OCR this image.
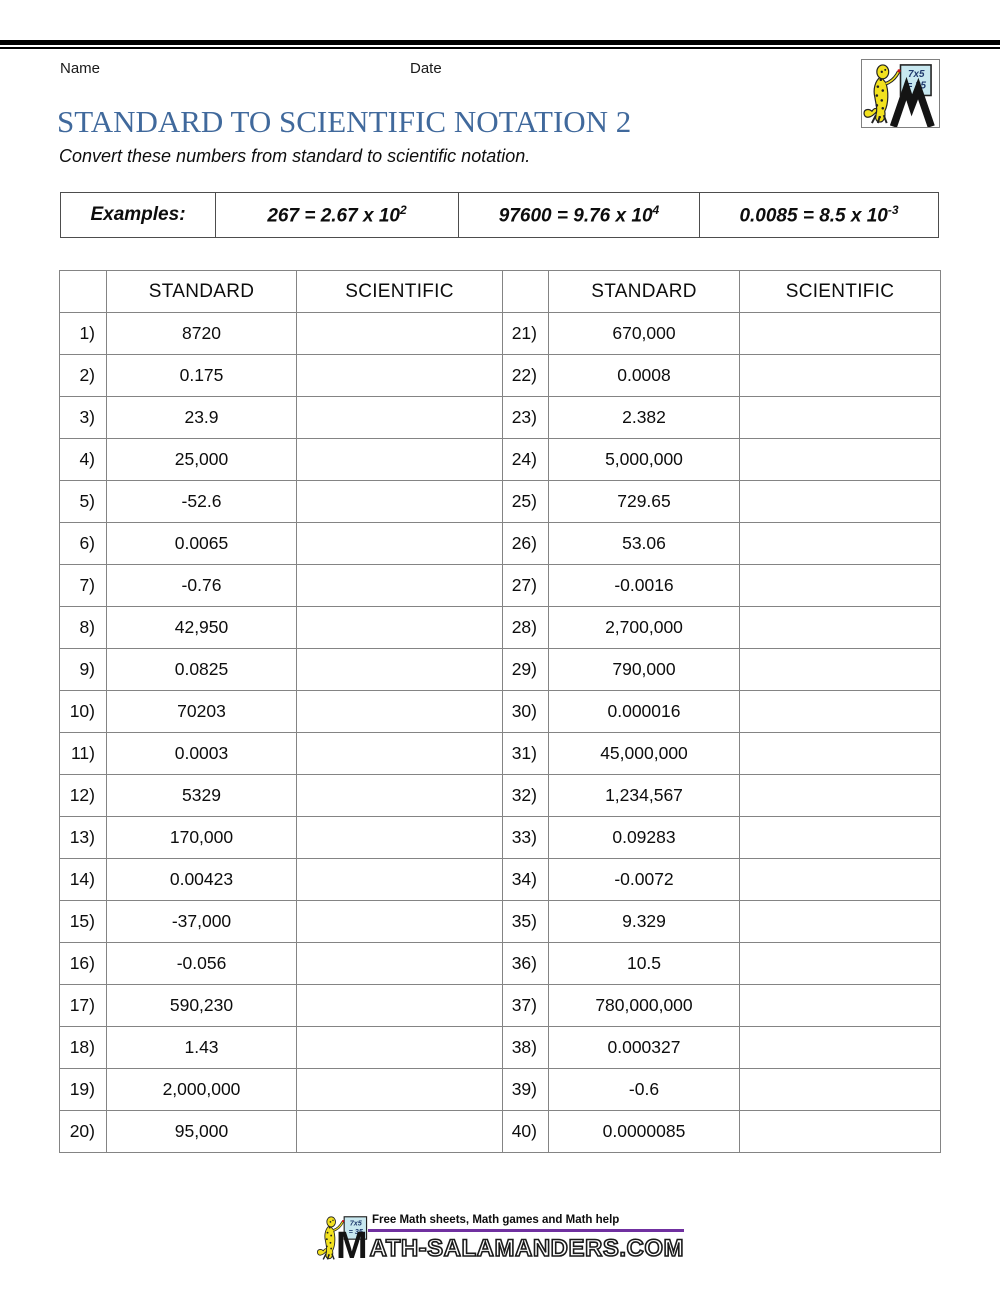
Name	Date
STANDARD TO SCIENTIFIC NOTATION 2
Convert these numbers from standard to scientific notation.
Examples:	267 = 2.67 x $10^2$	97600 = 9.76 x $10^4$	0.0085 = 8.5 x $10^{-3}$
	STANDARD	SCIENTIFIC		STANDARD	SCIENTIFIC
1)	8720		21)	670,000	
2)	0.175		22)	0.0008	
3)	23.9		23)	2.382	
4)	25,000		24)	5,000,000	
5)	-52.6		25)	729.65	
6)	0.0065		26)	53.06	
7)	-0.76		27)	-0.0016	
8)	42,950		28)	2,700,000	
9)	0.0825		29)	790,000	
10)	70203		30)	0.000016	
11)	0.0003		31)	45,000,000	
12)	5329		32)	1,234,567	
13)	170,000		33)	0.09283	
14)	0.00423		34)	-0.0072	
15)	-37,000		35)	9.329	
16)	-0.056		36)	10.5	
17)	590,230		37)	780,000,000	
18)	1.43		38)	0.000327	
19)	2,000,000		39)	-0.6	
20)	95,000		40)	0.0000085	
Free Math sheets, Math games and Math help
M ATH-SALAMANDERS.COM
